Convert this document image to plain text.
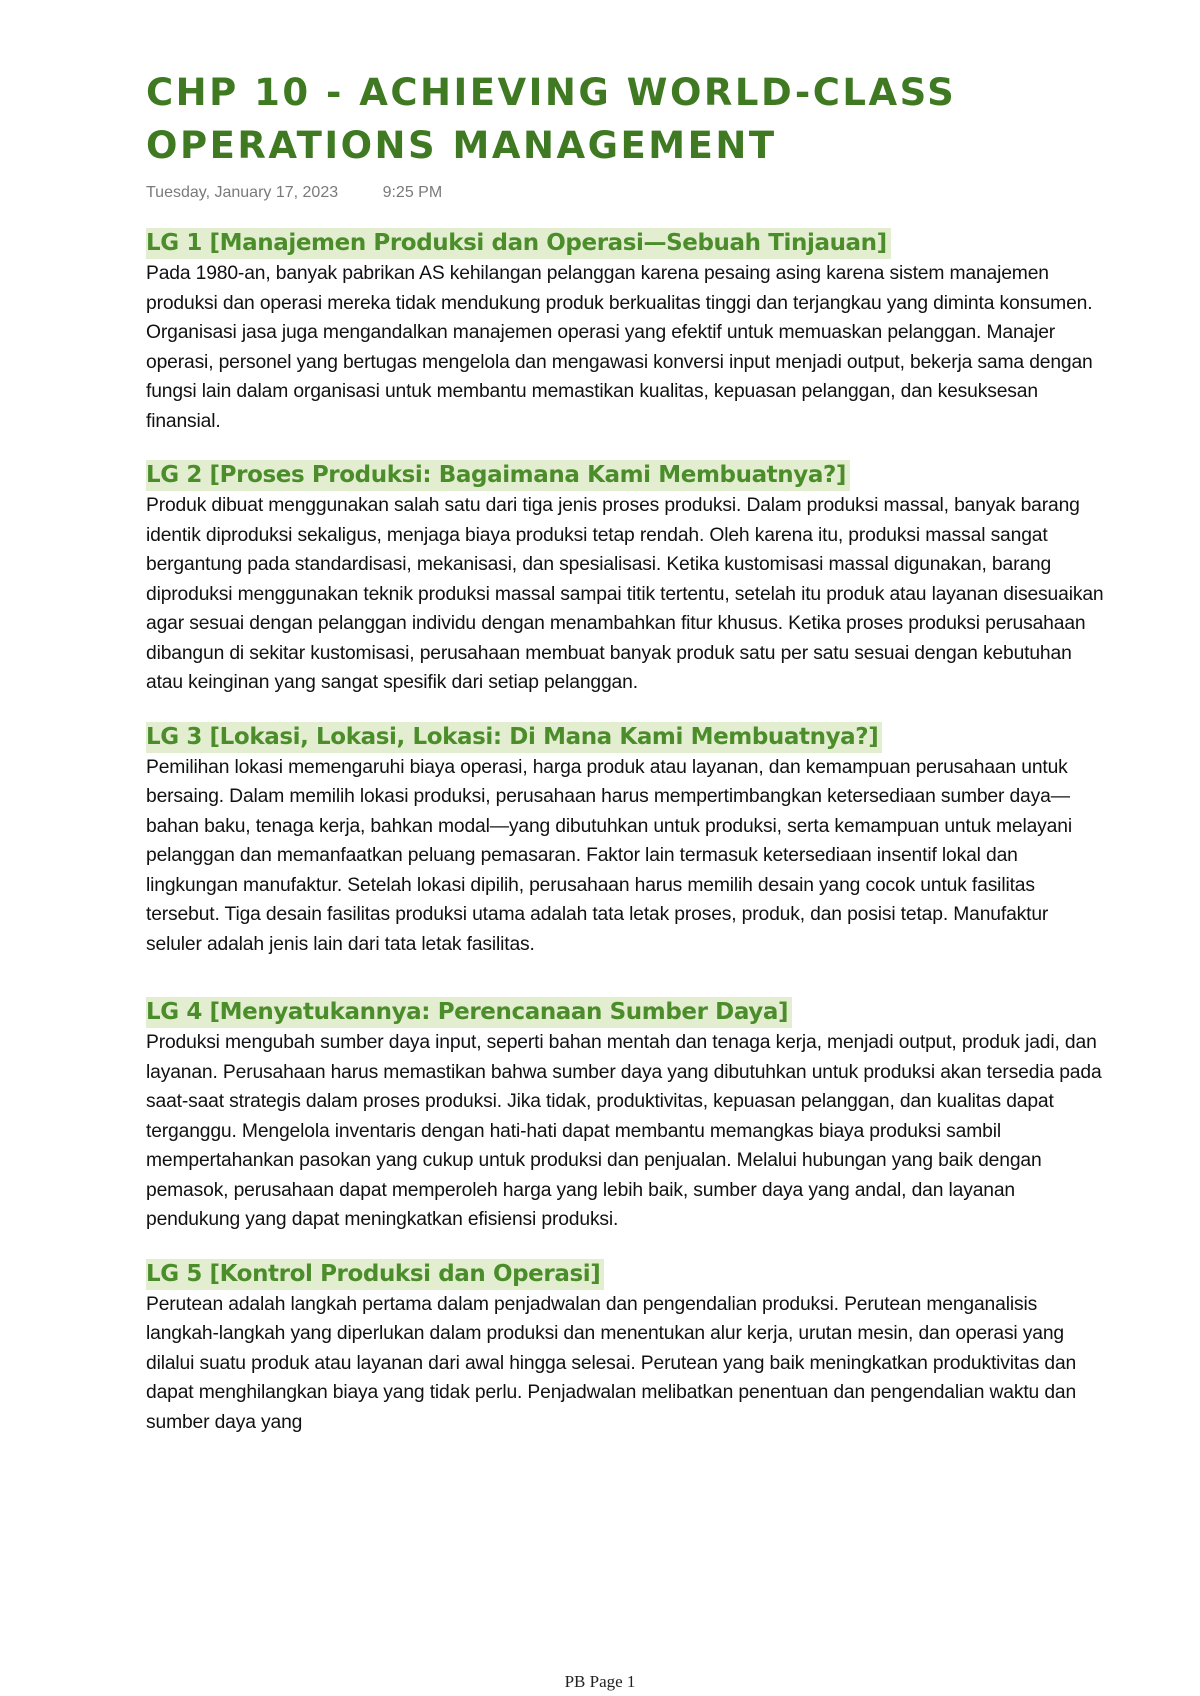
CHP 10 - ACHIEVING WORLD-CLASS OPERATIONS MANAGEMENT
Tuesday, January 17, 2023	9:25 PM
LG 1 [Manajemen Produksi dan Operasi—Sebuah Tinjauan]

Pada 1980-an, banyak pabrikan AS kehilangan pelanggan karena pesaing asing karena sistem manajemen produksi dan operasi mereka tidak mendukung produk berkualitas tinggi dan terjangkau yang diminta konsumen. Organisasi jasa juga mengandalkan manajemen operasi yang efektif untuk memuaskan pelanggan. Manajer operasi, personel yang bertugas mengelola dan mengawasi konversi input menjadi output, bekerja sama dengan fungsi lain dalam organisasi untuk membantu memastikan kualitas, kepuasan pelanggan, dan kesuksesan finansial.

LG 2 [Proses Produksi: Bagaimana Kami Membuatnya?]

Produk dibuat menggunakan salah satu dari tiga jenis proses produksi. Dalam produksi massal, banyak barang identik diproduksi sekaligus, menjaga biaya produksi tetap rendah. Oleh karena itu, produksi massal sangat bergantung pada standardisasi, mekanisasi, dan spesialisasi. Ketika kustomisasi massal digunakan, barang diproduksi menggunakan teknik produksi massal sampai titik tertentu, setelah itu produk atau layanan disesuaikan agar sesuai dengan pelanggan individu dengan menambahkan fitur khusus. Ketika proses produksi perusahaan dibangun di sekitar kustomisasi, perusahaan membuat banyak produk satu per satu sesuai dengan kebutuhan atau keinginan yang sangat spesifik dari setiap pelanggan.

LG 3 [Lokasi, Lokasi, Lokasi: Di Mana Kami Membuatnya?]

Pemilihan lokasi memengaruhi biaya operasi, harga produk atau layanan, dan kemampuan perusahaan untuk bersaing. Dalam memilih lokasi produksi, perusahaan harus mempertimbangkan ketersediaan sumber daya—bahan baku, tenaga kerja, bahkan modal—yang dibutuhkan untuk produksi, serta kemampuan untuk melayani pelanggan dan memanfaatkan peluang pemasaran. Faktor lain termasuk ketersediaan insentif lokal dan lingkungan manufaktur. Setelah lokasi dipilih, perusahaan harus memilih desain yang cocok untuk fasilitas tersebut. Tiga desain fasilitas produksi utama adalah tata letak proses, produk, dan posisi tetap. Manufaktur seluler adalah jenis lain dari tata letak fasilitas.

LG 4 [Menyatukannya: Perencanaan Sumber Daya]

Produksi mengubah sumber daya input, seperti bahan mentah dan tenaga kerja, menjadi output, produk jadi, dan layanan. Perusahaan harus memastikan bahwa sumber daya yang dibutuhkan untuk produksi akan tersedia pada saat-saat strategis dalam proses produksi. Jika tidak, produktivitas, kepuasan pelanggan, dan kualitas dapat terganggu. Mengelola inventaris dengan hati-hati dapat membantu memangkas biaya produksi sambil mempertahankan pasokan yang cukup untuk produksi dan penjualan. Melalui hubungan yang baik dengan pemasok, perusahaan dapat memperoleh harga yang lebih baik, sumber daya yang andal, dan layanan pendukung yang dapat meningkatkan efisiensi produksi.

LG 5 [Kontrol Produksi dan Operasi]

Perutean adalah langkah pertama dalam penjadwalan dan pengendalian produksi. Perutean menganalisis langkah-langkah yang diperlukan dalam produksi dan menentukan alur kerja, urutan mesin, dan operasi yang dilalui suatu produk atau layanan dari awal hingga selesai. Perutean yang baik meningkatkan produktivitas dan dapat menghilangkan biaya yang tidak perlu. Penjadwalan melibatkan penentuan dan pengendalian waktu dan sumber daya yang

PB Page 1
